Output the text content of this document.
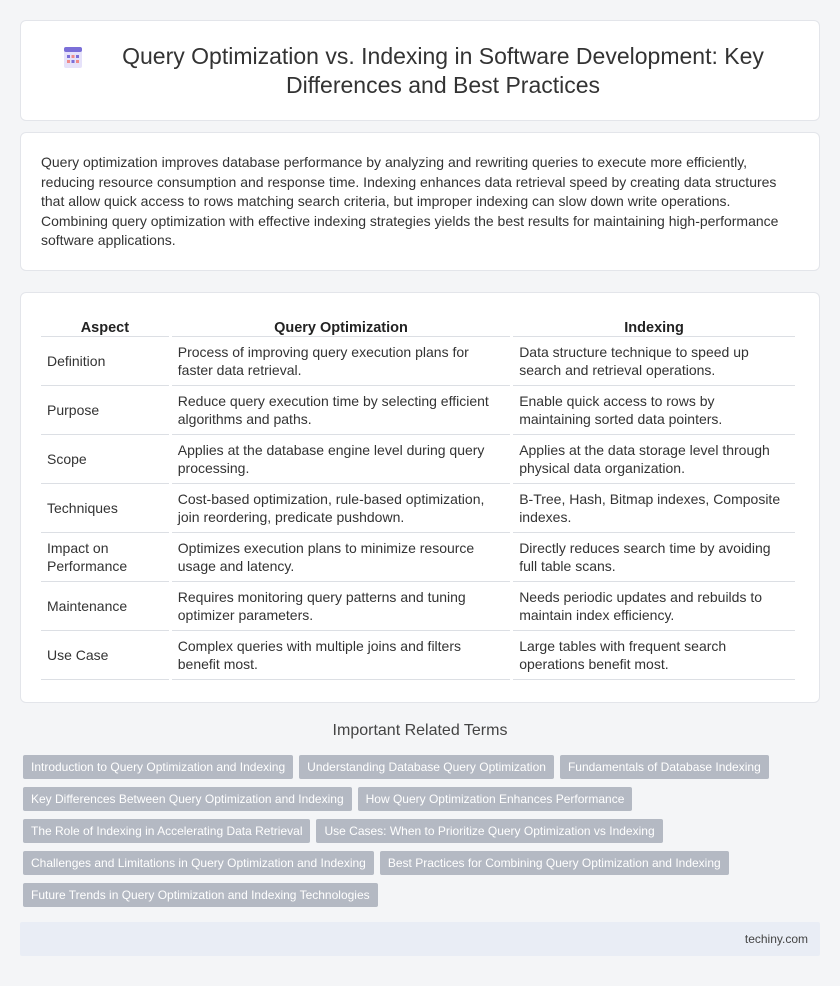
Query Optimization vs. Indexing in Software Development: Key Differences and Best Practices

Query optimization improves database performance by analyzing and rewriting queries to execute more efficiently, reducing resource consumption and response time. Indexing enhances data retrieval speed by creating data structures that allow quick access to rows matching search criteria, but improper indexing can slow down write operations. Combining query optimization with effective indexing strategies yields the best results for maintaining high-performance software applications.

Aspect	Query Optimization	Indexing
Definition	Process of improving query execution plans for faster data retrieval.	Data structure technique to speed up search and retrieval operations.
Purpose	Reduce query execution time by selecting efficient algorithms and paths.	Enable quick access to rows by maintaining sorted data pointers.
Scope	Applies at the database engine level during query processing.	Applies at the data storage level through physical data organization.
Techniques	Cost-based optimization, rule-based optimization, join reordering, predicate pushdown.	B-Tree, Hash, Bitmap indexes, Composite indexes.
Impact on Performance	Optimizes execution plans to minimize resource usage and latency.	Directly reduces search time by avoiding full table scans.
Maintenance	Requires monitoring query patterns and tuning optimizer parameters.	Needs periodic updates and rebuilds to maintain index efficiency.
Use Case	Complex queries with multiple joins and filters benefit most.	Large tables with frequent search operations benefit most.
Important Related Terms
Introduction to Query Optimization and Indexing	Understanding Database Query Optimization	Fundamentals of Database Indexing
Key Differences Between Query Optimization and Indexing	How Query Optimization Enhances Performance
The Role of Indexing in Accelerating Data Retrieval	Use Cases: When to Prioritize Query Optimization vs Indexing
Challenges and Limitations in Query Optimization and Indexing	Best Practices for Combining Query Optimization and Indexing
Future Trends in Query Optimization and Indexing Technologies
techiny.com
